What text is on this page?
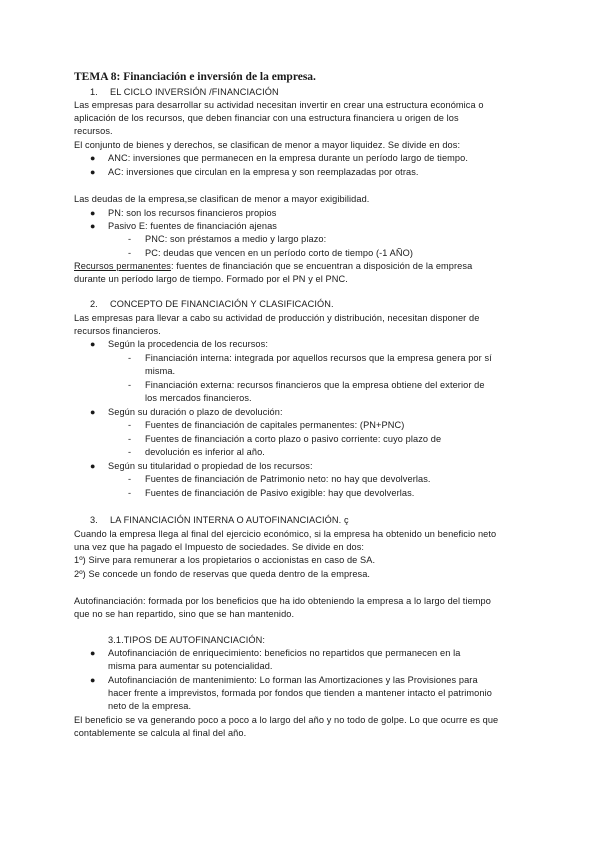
TEMA 8: Financiación e inversión de la empresa.
1. EL CICLO INVERSIÓN /FINANCIACIÓN
Las empresas para desarrollar su actividad necesitan invertir en crear una estructura económica o
aplicación de los recursos, que deben financiar con una estructura financiera u origen de los
recursos.
El conjunto de bienes y derechos, se clasifican de menor a mayor liquidez. Se divide en dos:
● ANC: inversiones que permanecen en la empresa durante un período largo de tiempo.
● AC: inversiones que circulan en la empresa y son reemplazadas por otras.
Las deudas de la empresa,se clasifican de menor a mayor exigibilidad.
● PN: son los recursos financieros propios
● Pasivo E: fuentes de financiación ajenas
- PNC: son préstamos a medio y largo plazo:
- PC: deudas que vencen en un período corto de tiempo (-1 AÑO)
Recursos permanentes: fuentes de financiación que se encuentran a disposición de la empresa
durante un período largo de tiempo. Formado por el PN y el PNC.
2. CONCEPTO DE FINANCIACIÓN Y CLASIFICACIÓN.
Las empresas para llevar a cabo su actividad de producción y distribución, necesitan disponer de
recursos financieros.
● Según la procedencia de los recursos:
- Financiación interna: integrada por aquellos recursos que la empresa genera por sí
misma.
- Financiación externa: recursos financieros que la empresa obtiene del exterior de
los mercados financieros.
● Según su duración o plazo de devolución:
- Fuentes de financiación de capitales permanentes: (PN+PNC)
- Fuentes de financiación a corto plazo o pasivo corriente: cuyo plazo de
- devolución es inferior al año.
● Según su titularidad o propiedad de los recursos:
- Fuentes de financiación de Patrimonio neto: no hay que devolverlas.
- Fuentes de financiación de Pasivo exigible: hay que devolverlas.
3. LA FINANCIACIÓN INTERNA O AUTOFINANCIACIÓN. ç
Cuando la empresa llega al final del ejercicio económico, si la empresa ha obtenido un beneficio neto
una vez que ha pagado el Impuesto de sociedades. Se divide en dos:
1º) Sirve para remunerar a los propietarios o accionistas en caso de SA.
2º) Se concede un fondo de reservas que queda dentro de la empresa.
Autofinanciación: formada por los beneficios que ha ido obteniendo la empresa a lo largo del tiempo
que no se han repartido, sino que se han mantenido.
3.1.TIPOS DE AUTOFINANCIACIÓN:
● Autofinanciación de enriquecimiento: beneficios no repartidos que permanecen en la
misma para aumentar su potencialidad.
● Autofinanciación de mantenimiento: Lo forman las Amortizaciones y las Provisiones para
hacer frente a imprevistos, formada por fondos que tienden a mantener intacto el patrimonio
neto de la empresa.
El beneficio se va generando poco a poco a lo largo del año y no todo de golpe. Lo que ocurre es que
contablemente se calcula al final del año.
